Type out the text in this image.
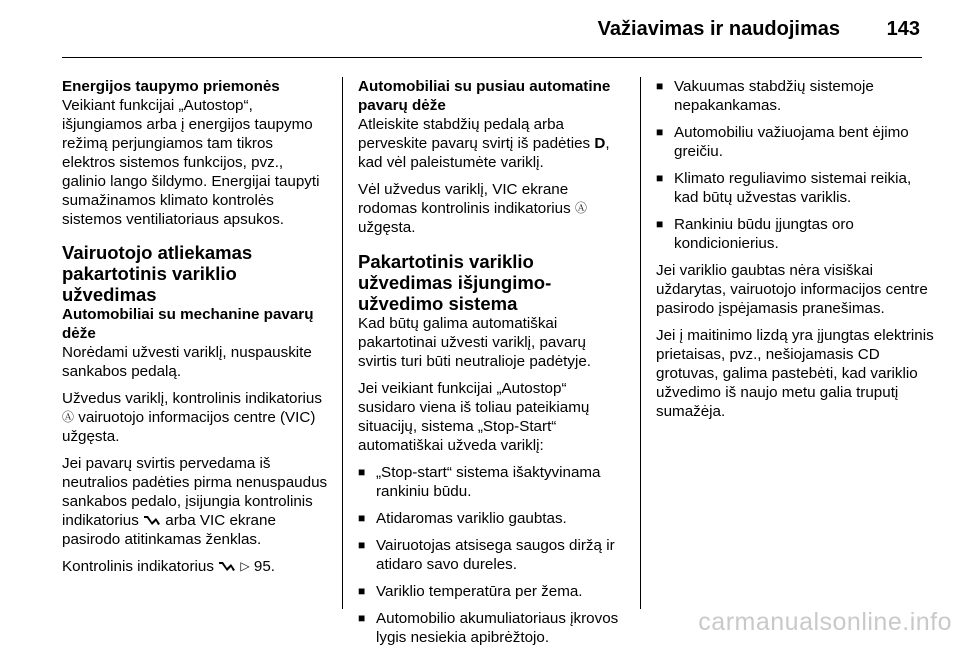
Važiavimas ir naudojimas 143
Energijos taupymo priemonės

Veikiant funkcijai „Autostop“, išjungiamos arba į energijos taupymo režimą perjungiamos tam tikros elektros sistemos funkcijos, pvz., galinio lango šildymo. Energijai taupyti sumažinamos klimato kontrolės sistemos ventiliatoriaus apsukos.

Vairuotojo atliekamas pakartotinis variklio užvedimas
Automobiliai su mechanine pavarų dėže

Norėdami užvesti variklį, nuspauskite sankabos pedalą.

Užvedus variklį, kontrolinis indikatorius Ⓐ vairuotojo informacijos centre (VIC) užgęsta.

Jei pavarų svirtis pervedama iš neutralios padėties pirma nenuspaudus sankabos pedalo, įsijungia kontrolinis indikatorius arba VIC ekrane pasirodo atitinkamas ženklas.

Kontrolinis indikatorius ▷ 95.

Automobiliai su pusiau automatine pavarų dėže

Atleiskite stabdžių pedalą arba perveskite pavarų svirtį iš padėties D, kad vėl paleistumėte variklį.

Vėl užvedus variklį, VIC ekrane rodomas kontrolinis indikatorius Ⓐ užgęsta.

Pakartotinis variklio užvedimas išjungimo-užvedimo sistema

Kad būtų galima automatiškai pakartotinai užvesti variklį, pavarų svirtis turi būti neutralioje padėtyje.

Jei veikiant funkcijai „Autostop“ susidaro viena iš toliau pateikiamų situacijų, sistema „Stop-Start“ automatiškai užveda variklį:

■ „Stop-start“ sistema išaktyvinama rankiniu būdu.
■ Atidaromas variklio gaubtas.
■ Vairuotojas atsisega saugos diržą ir atidaro savo dureles.
■ Variklio temperatūra per žema.
■ Automobilio akumuliatoriaus įkrovos lygis nesiekia apibrėžtojo.
■ Vakuumas stabdžių sistemoje nepakankamas.
■ Automobiliu važiuojama bent ėjimo greičiu.
■ Klimato reguliavimo sistemai reikia, kad būtų užvestas variklis.
■ Rankiniu būdu įjungtas oro kondicionierius.

Jei variklio gaubtas nėra visiškai uždarytas, vairuotojo informacijos centre pasirodo įspėjamasis pranešimas.

Jei į maitinimo lizdą yra įjungtas elektrinis prietaisas, pvz., nešiojamasis CD grotuvas, galima pastebėti, kad variklio užvedimo iš naujo metu galia truputį sumažėja.

carmanualsonline.info
